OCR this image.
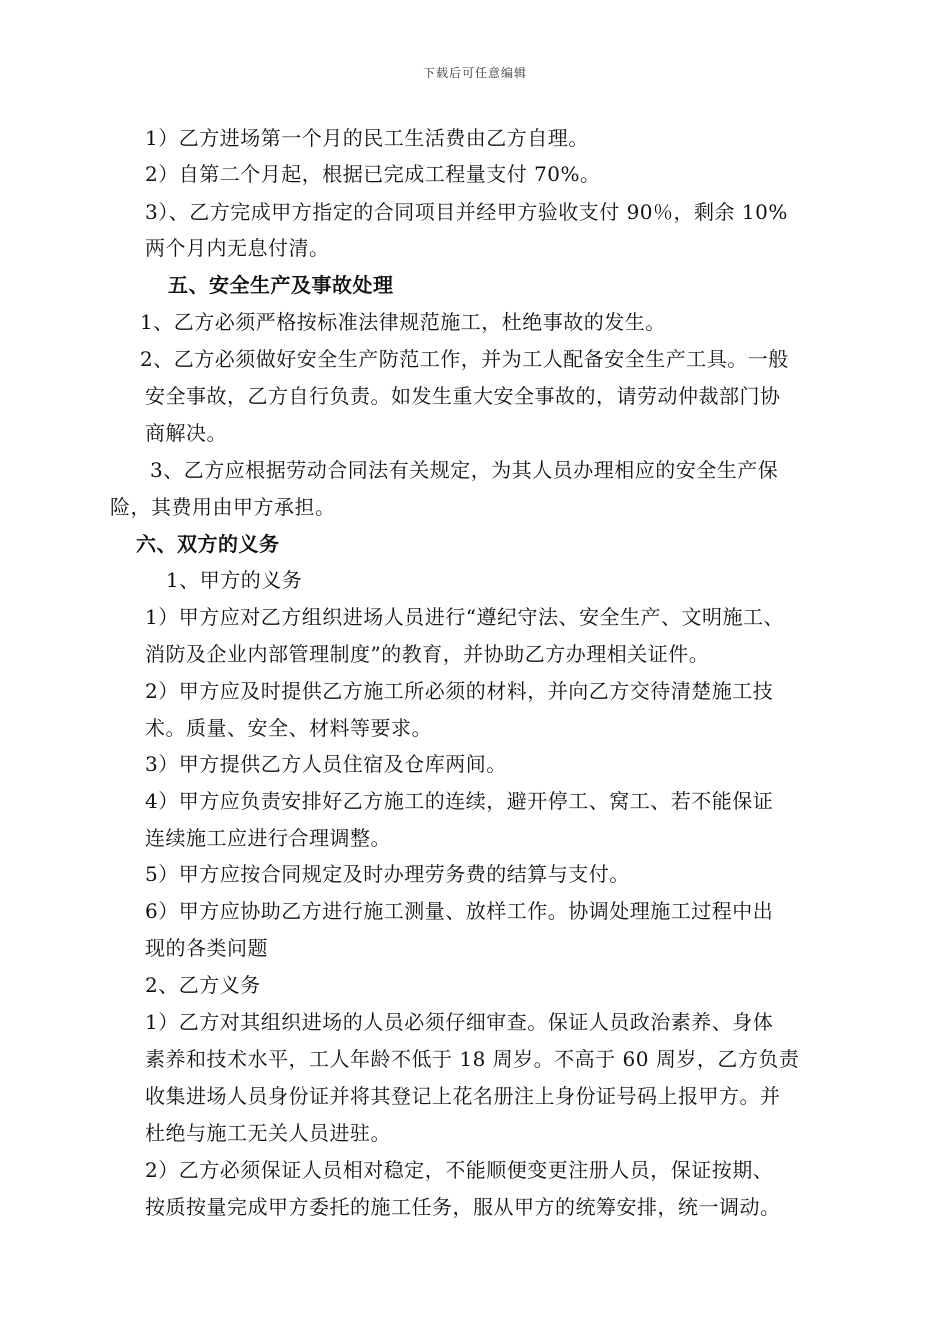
下载后可任意编辑
1）乙方进场第一个月的民工生活费由乙方自理。
2）自第二个月起，根据已完成工程量支付 70%。
3）、乙方完成甲方指定的合同项目并经甲方验收支付 90％，剩余 10%
两个月内无息付清。
五、安全生产及事故处理
1、乙方必须严格按标准法律规范施工，杜绝事故的发生。
2、乙方必须做好安全生产防范工作，并为工人配备安全生产工具。一般
安全事故，乙方自行负责。如发生重大安全事故的，请劳动仲裁部门协
商解决。
3、乙方应根据劳动合同法有关规定，为其人员办理相应的安全生产保
险，其费用由甲方承担。
六、双方的义务
1、甲方的义务
1）甲方应对乙方组织进场人员进行“遵纪守法、安全生产、文明施工、
消防及企业内部管理制度”的教育，并协助乙方办理相关证件。
2）甲方应及时提供乙方施工所必须的材料，并向乙方交待清楚施工技
术。质量、安全、材料等要求。
3）甲方提供乙方人员住宿及仓库两间。
4）甲方应负责安排好乙方施工的连续，避开停工、窝工、若不能保证
连续施工应进行合理调整。
5）甲方应按合同规定及时办理劳务费的结算与支付。
6）甲方应协助乙方进行施工测量、放样工作。协调处理施工过程中出
现的各类问题
2、乙方义务
1）乙方对其组织进场的人员必须仔细审查。保证人员政治素养、身体
素养和技术水平，工人年龄不低于 18 周岁。不高于 60 周岁，乙方负责
收集进场人员身份证并将其登记上花名册注上身份证号码上报甲方。并
杜绝与施工无关人员进驻。
2）乙方必须保证人员相对稳定，不能顺便变更注册人员，保证按期、
按质按量完成甲方委托的施工任务，服从甲方的统筹安排，统一调动。
